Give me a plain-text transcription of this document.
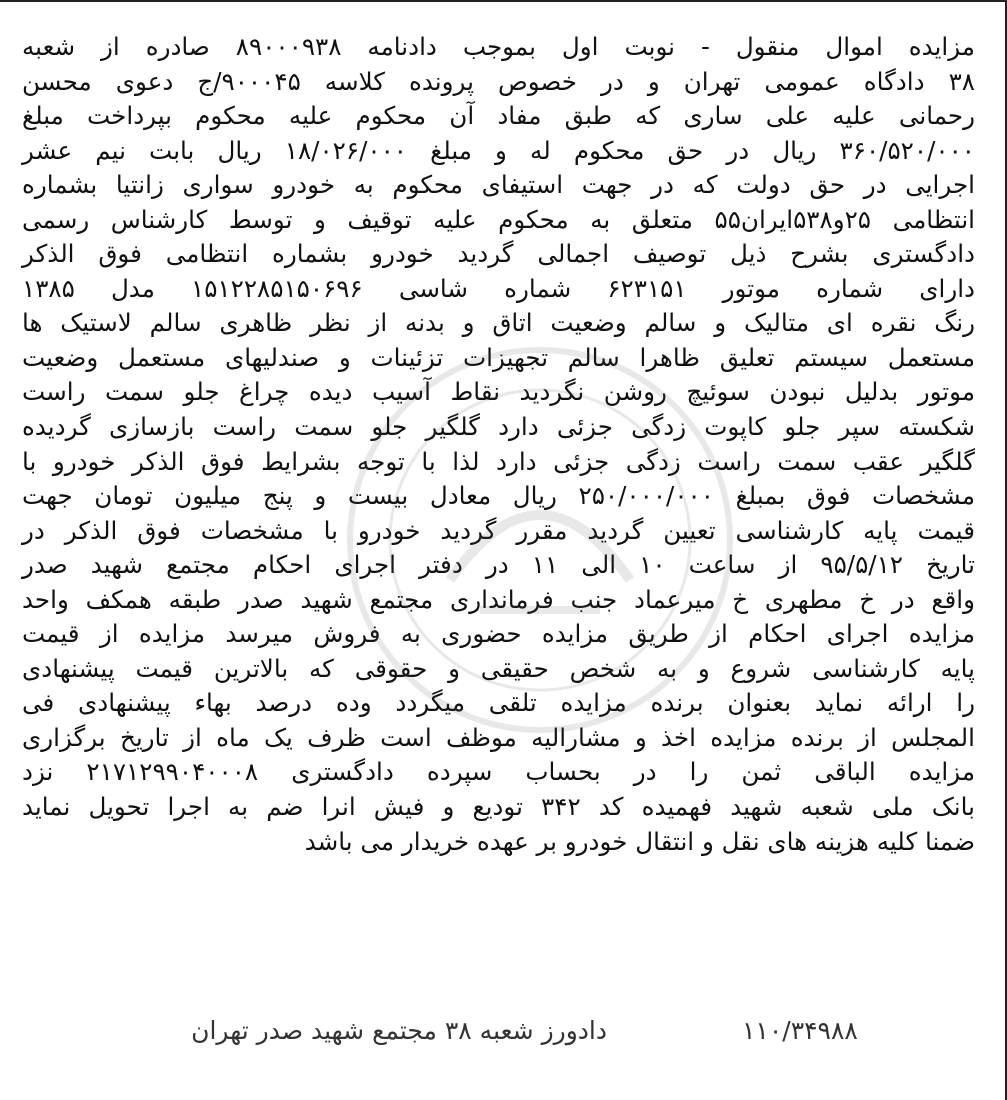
مزایده اموال منقول - نوبت اول بموجب دادنامه ۸۹۰۰۰۹۳۸ صادره از شعبه
۳۸ دادگاه عمومی تهران و در خصوص پرونده کلاسه ۹۰۰۰۴۵/ج دعوی محسن
رحمانی علیه علی ساری که طبق مفاد آن محکوم علیه محکوم بپرداخت مبلغ
۳۶۰/۵۲۰/۰۰۰ ریال در حق محکوم له و مبلغ ۱۸/۰۲۶/۰۰۰ ریال بابت نیم عشر
اجرایی در حق دولت که در جهت استیفای محکوم به خودرو سواری زانتیا بشماره
انتظامی ۲۵و۵۳۸ایران۵۵ متعلق به محکوم علیه توقیف و توسط کارشناس رسمی
دادگستری بشرح ذیل توصیف اجمالی گردید خودرو بشماره انتظامی فوق الذکر
دارای شماره موتور ۶۲۳۱۵۱ شماره شاسی ۱۵۱۲۲۸۵۱۵۰۶۹۶ مدل ۱۳۸۵
رنگ نقره ای متالیک و سالم وضعیت اتاق و بدنه از نظر ظاهری سالم لاستیک ها
مستعمل سیستم تعلیق ظاهرا سالم تجهیزات تزئینات و صندلیهای مستعمل وضعیت
موتور بدلیل نبودن سوئیچ روشن نگردید نقاط آسیب دیده چراغ جلو سمت راست
شکسته سپر جلو کاپوت زدگی جزئی دارد گلگیر جلو سمت راست بازسازی گردیده
گلگیر عقب سمت راست زدگی جزئی دارد لذا با توجه بشرایط فوق الذکر خودرو با
مشخصات فوق بمبلغ ۲۵۰/۰۰۰/۰۰۰ ریال معادل بیست و پنج میلیون تومان جهت
قیمت پایه کارشناسی تعیین گردید مقرر گردید خودرو با مشخصات فوق الذکر در
تاریخ ۹۵/۵/۱۲ از ساعت ۱۰ الی ۱۱ در دفتر اجرای احکام مجتمع شهید صدر
واقع در خ مطهری خ میرعماد جنب فرمانداری مجتمع شهید صدر طبقه همکف واحد
مزایده اجرای احکام از طریق مزایده حضوری به فروش میرسد مزایده از قیمت
پایه کارشناسی شروع و به شخص حقیقی و حقوقی که بالاترین قیمت پیشنهادی
را ارائه نماید بعنوان برنده مزایده تلقی میگردد وده درصد بهاء پیشنهادی فی
المجلس از برنده مزایده اخذ و مشارالیه موظف است ظرف یک ماه از تاریخ برگزاری
مزایده الباقی ثمن را در بحساب سپرده دادگستری ۲۱۷۱۲۹۹۰۴۰۰۰۸ نزد
بانک ملی شعبه شهید فهمیده کد ۳۴۲ تودیع و فیش انرا ضم به اجرا تحویل نماید
ضمنا کلیه هزینه های نقل و انتقال خودرو بر عهده خریدار می باشد
۱۱۰/۳۴۹۸۸
دادورز شعبه ۳۸ مجتمع شهید صدر تهران
